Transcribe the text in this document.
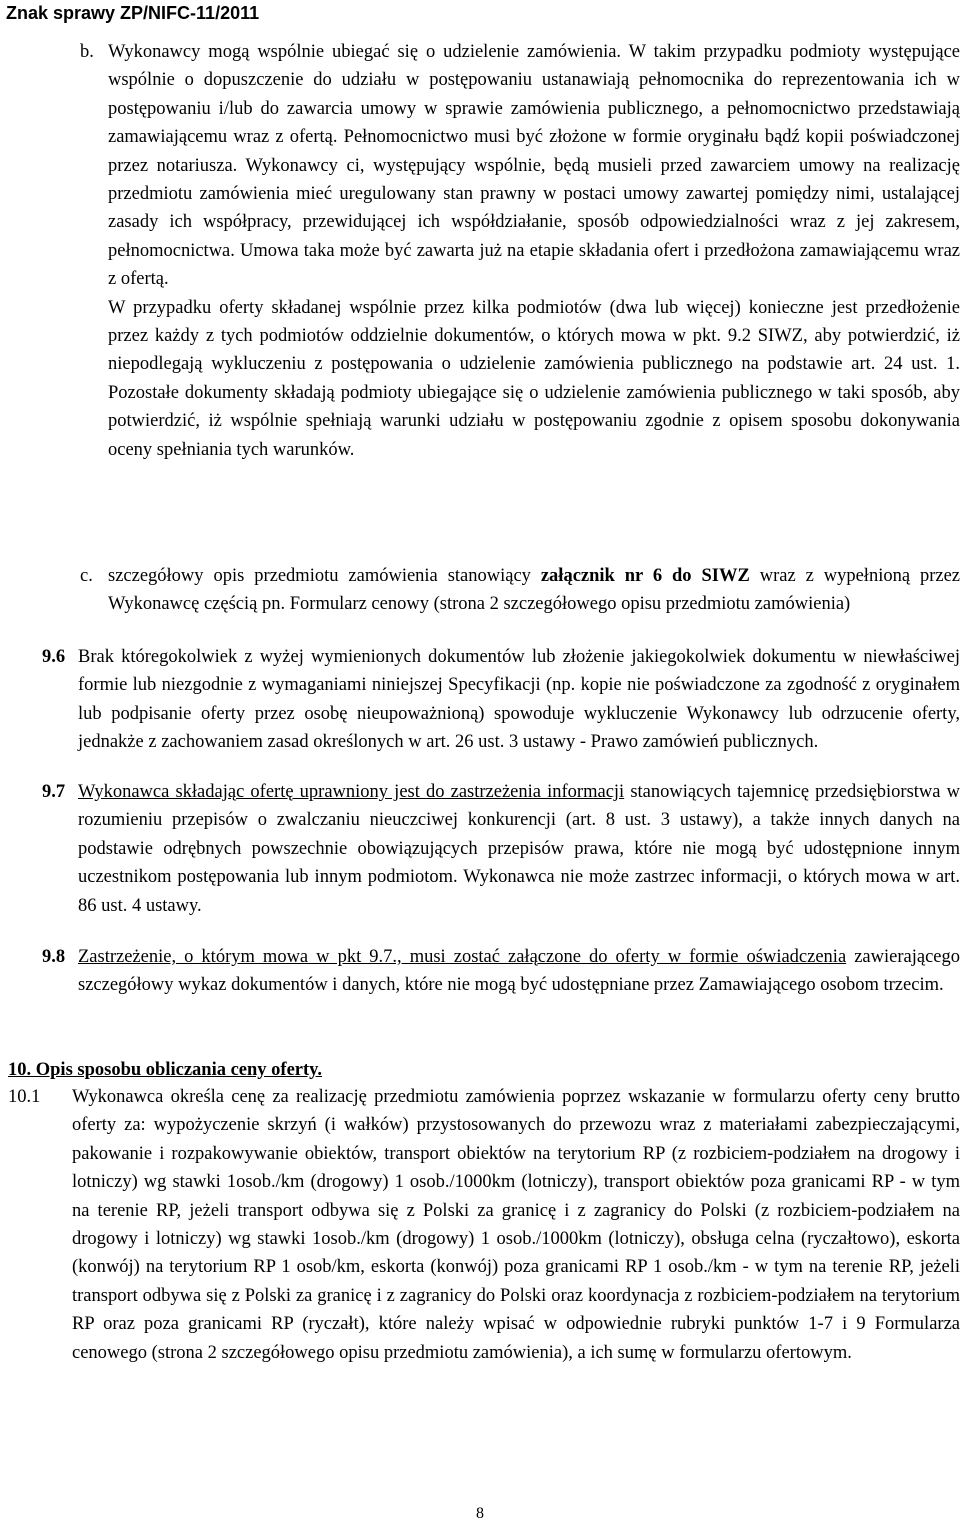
Znak sprawy ZP/NIFC-11/2011
b. Wykonawcy mogą wspólnie ubiegać się o udzielenie zamówienia. W takim przypadku podmioty występujące wspólnie o dopuszczenie do udziału w postępowaniu ustanawiają pełnomocnika do reprezentowania ich w postępowaniu i/lub do zawarcia umowy w sprawie zamówienia publicznego, a pełnomocnictwo przedstawiają zamawiającemu wraz z ofertą. Pełnomocnictwo musi być złożone w formie oryginału bądź kopii poświadczonej przez notariusza. Wykonawcy ci, występujący wspólnie, będą musieli przed zawarciem umowy na realizację przedmiotu zamówienia mieć uregulowany stan prawny w postaci umowy zawartej pomiędzy nimi, ustalającej zasady ich współpracy, przewidującej ich współdziałanie, sposób odpowiedzialności wraz z jej zakresem, pełnomocnictwa. Umowa taka może być zawarta już na etapie składania ofert i przedłożona zamawiającemu wraz z ofertą.

W przypadku oferty składanej wspólnie przez kilka podmiotów (dwa lub więcej) konieczne jest przedłożenie przez każdy z tych podmiotów oddzielnie dokumentów, o których mowa w pkt. 9.2 SIWZ, aby potwierdzić, iż niepodlegają wykluczeniu z postępowania o udzielenie zamówienia publicznego na podstawie art. 24 ust. 1. Pozostałe dokumenty składają podmioty ubiegające się o udzielenie zamówienia publicznego w taki sposób, aby potwierdzić, iż wspólnie spełniają warunki udziału w postępowaniu zgodnie z opisem sposobu dokonywania oceny spełniania tych warunków.

c. szczegółowy opis przedmiotu zamówienia stanowiący załącznik nr 6 do SIWZ wraz z wypełnioną przez Wykonawcę częścią pn. Formularz cenowy (strona 2 szczegółowego opisu przedmiotu zamówienia)

9.6 Brak któregokolwiek z wyżej wymienionych dokumentów lub złożenie jakiegokolwiek dokumentu w niewłaściwej formie lub niezgodnie z wymaganiami niniejszej Specyfikacji (np. kopie nie poświadczone za zgodność z oryginałem lub podpisanie oferty przez osobę nieupoważnioną) spowoduje wykluczenie Wykonawcy lub odrzucenie oferty, jednakże z zachowaniem zasad określonych w art. 26 ust. 3 ustawy - Prawo zamówień publicznych.

9.7 Wykonawca składając ofertę uprawniony jest do zastrzeżenia informacji stanowiących tajemnicę przedsiębiorstwa w rozumieniu przepisów o zwalczaniu nieuczciwej konkurencji (art. 8 ust. 3 ustawy), a także innych danych na podstawie odrębnych powszechnie obowiązujących przepisów prawa, które nie mogą być udostępnione innym uczestnikom postępowania lub innym podmiotom. Wykonawca nie może zastrzec informacji, o których mowa w art. 86 ust. 4 ustawy.

9.8 Zastrzeżenie, o którym mowa w pkt 9.7., musi zostać załączone do oferty w formie oświadczenia zawierającego szczegółowy wykaz dokumentów i danych, które nie mogą być udostępniane przez Zamawiającego osobom trzecim.

10. Opis sposobu obliczania ceny oferty.
10.1 Wykonawca określa cenę za realizację przedmiotu zamówienia poprzez wskazanie w formularzu oferty ceny brutto oferty za: wypożyczenie skrzyń (i wałków) przystosowanych do przewozu wraz z materiałami zabezpieczającymi, pakowanie i rozpakowywanie obiektów, transport obiektów na terytorium RP (z rozbiciem-podziałem na drogowy i lotniczy) wg stawki 1osob./km (drogowy) 1 osob./1000km (lotniczy), transport obiektów poza granicami RP - w tym na terenie RP, jeżeli transport odbywa się z Polski za granicę i z zagranicy do Polski (z rozbiciem-podziałem na drogowy i lotniczy) wg stawki 1osob./km (drogowy) 1 osob./1000km (lotniczy), obsługa celna (ryczałtowo), eskorta (konwój) na terytorium RP 1 osob/km, eskorta (konwój) poza granicami RP 1 osob./km - w tym na terenie RP, jeżeli transport odbywa się z Polski za granicę i z zagranicy do Polski oraz koordynacja z rozbiciem-podziałem na terytorium RP oraz poza granicami RP (ryczałt), które należy wpisać w odpowiednie rubryki punktów 1-7 i 9 Formularza cenowego (strona 2 szczegółowego opisu przedmiotu zamówienia), a ich sumę w formularzu ofertowym.

8
